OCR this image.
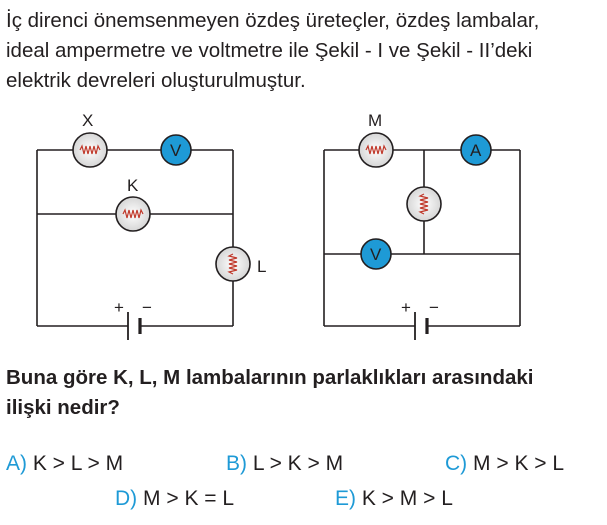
İç direnci önemsenmeyen özdeş üreteçler, özdeş lambalar,
ideal ampermetre ve voltmetre ile Şekil - I ve Şekil - II’deki
elektrik devreleri oluşturulmuştur.

+ −
X
V
K
L
+ −
M
A
V

Buna göre K, L, M lambalarının parlaklıkları arasındaki
ilişki nedir?

A) K > L > M	B) L > K > M	C) M > K > L
D) M > K = L	E) K > M > L
